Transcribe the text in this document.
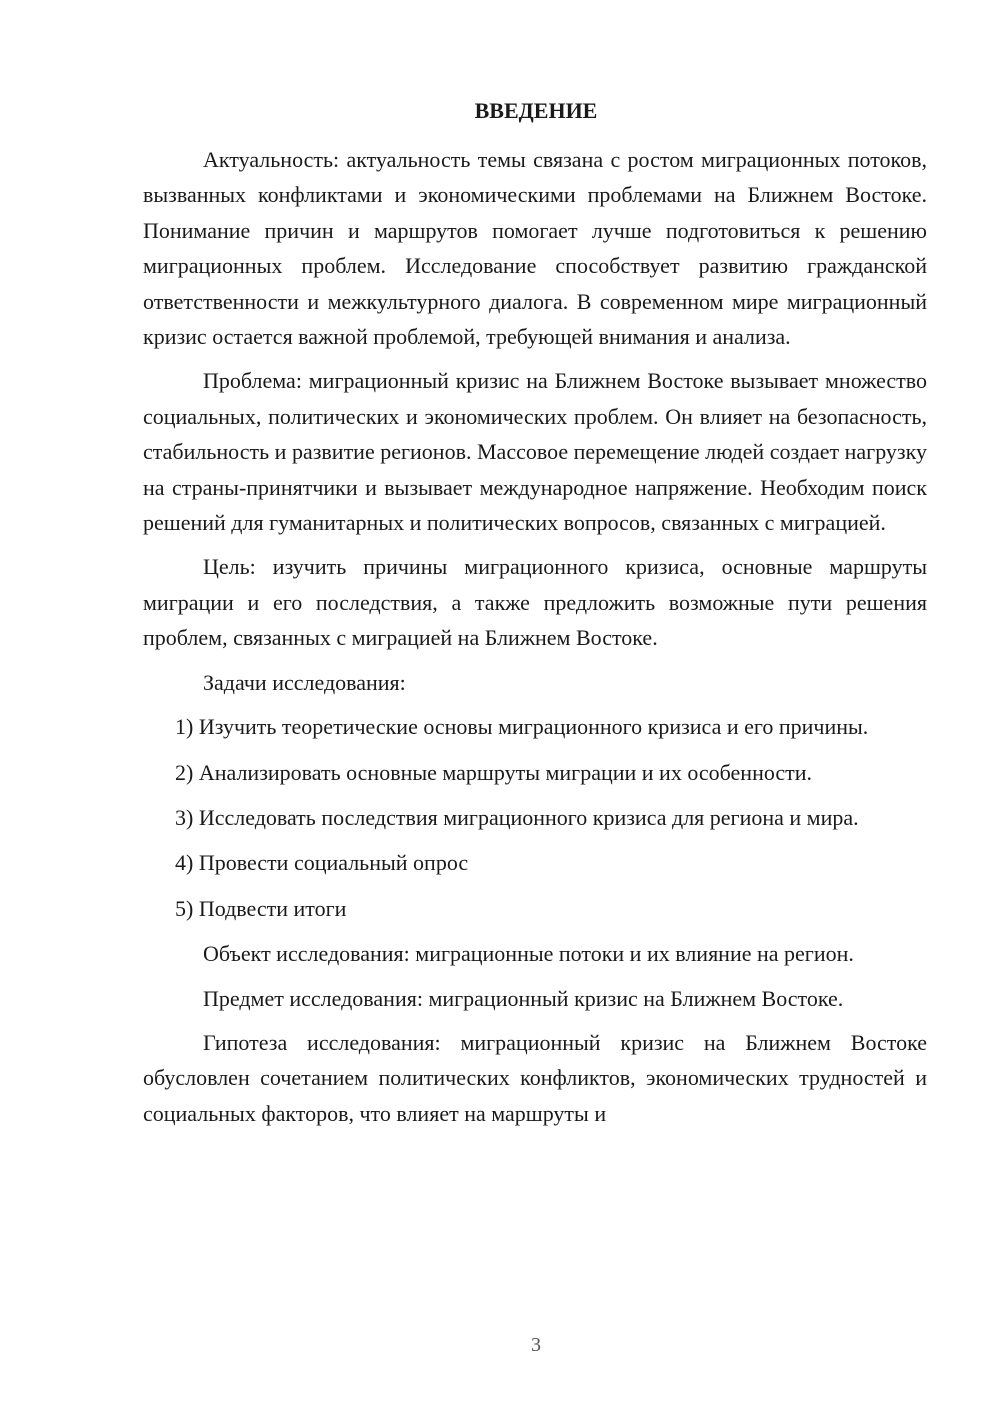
ВВЕДЕНИЕ

Актуальность: актуальность темы связана с ростом миграционных потоков, вызванных конфликтами и экономическими проблемами на Ближнем Востоке. Понимание причин и маршрутов помогает лучше подготовиться к решению миграционных проблем. Исследование способствует развитию гражданской ответственности и межкультурного диалога. В современном мире миграционный кризис остается важной проблемой, требующей внимания и анализа.

Проблема: миграционный кризис на Ближнем Востоке вызывает множество социальных, политических и экономических проблем. Он влияет на безопасность, стабильность и развитие регионов. Массовое перемещение людей создает нагрузку на страны-принятчики и вызывает международное напряжение. Необходим поиск решений для гуманитарных и политических вопросов, связанных с миграцией.

Цель: изучить причины миграционного кризиса, основные маршруты миграции и его последствия, а также предложить возможные пути решения проблем, связанных с миграцией на Ближнем Востоке.

Задачи исследования:

1) Изучить теоретические основы миграционного кризиса и его причины.

2) Анализировать основные маршруты миграции и их особенности.

3) Исследовать последствия миграционного кризиса для региона и мира.

4) Провести социальный опрос

5) Подвести итоги

Объект исследования: миграционные потоки и их влияние на регион.

Предмет исследования: миграционный кризис на Ближнем Востоке.

Гипотеза исследования: миграционный кризис на Ближнем Востоке обусловлен сочетанием политических конфликтов, экономических трудностей и социальных факторов, что влияет на маршруты и

3
